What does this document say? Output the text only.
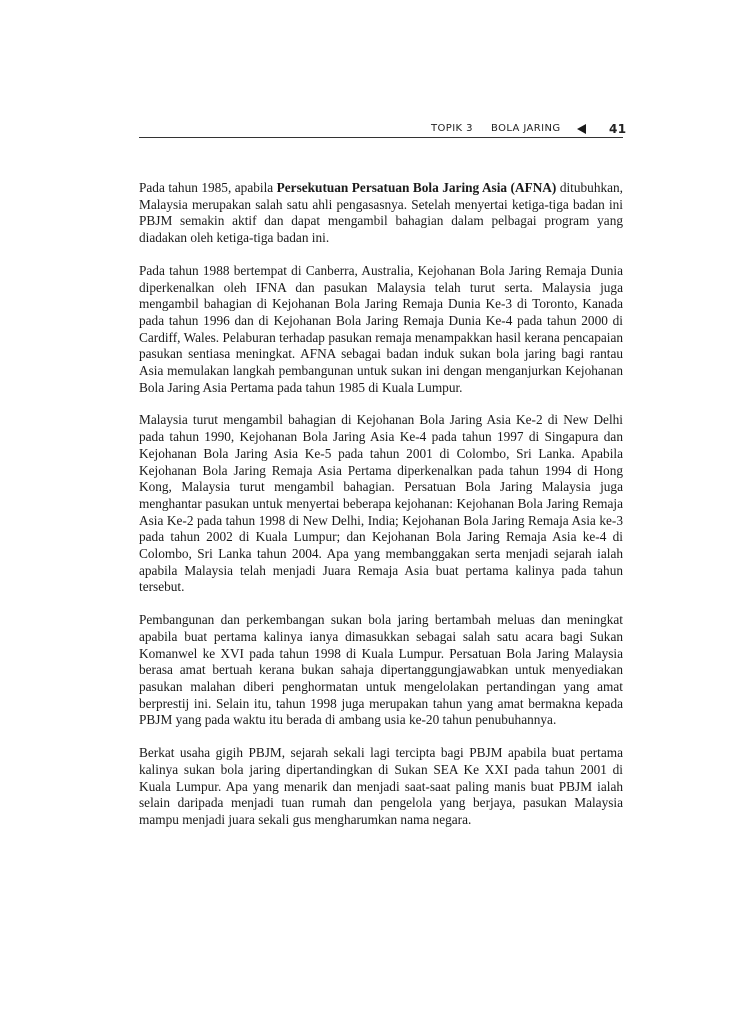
TOPIK 3 BOLA JARING	41

Pada tahun 1985, apabila Persekutuan Persatuan Bola Jaring Asia (AFNA) ditubuhkan, Malaysia merupakan salah satu ahli pengasasnya. Setelah menyertai ketiga-tiga badan ini PBJM semakin aktif dan dapat mengambil bahagian dalam pelbagai program yang diadakan oleh ketiga-tiga badan ini.

Pada tahun 1988 bertempat di Canberra, Australia, Kejohanan Bola Jaring Remaja Dunia diperkenalkan oleh IFNA dan pasukan Malaysia telah turut serta. Malaysia juga mengambil bahagian di Kejohanan Bola Jaring Remaja Dunia Ke-3 di Toronto, Kanada pada tahun 1996 dan di Kejohanan Bola Jaring Remaja Dunia Ke-4 pada tahun 2000 di Cardiff, Wales. Pelaburan terhadap pasukan remaja menampakkan hasil kerana pencapaian pasukan sentiasa meningkat. AFNA sebagai badan induk sukan bola jaring bagi rantau Asia memulakan langkah pembangunan untuk sukan ini dengan menganjurkan Kejohanan Bola Jaring Asia Pertama pada tahun 1985 di Kuala Lumpur.

Malaysia turut mengambil bahagian di Kejohanan Bola Jaring Asia Ke-2 di New Delhi pada tahun 1990, Kejohanan Bola Jaring Asia Ke-4 pada tahun 1997 di Singapura dan Kejohanan Bola Jaring Asia Ke-5 pada tahun 2001 di Colombo, Sri Lanka. Apabila Kejohanan Bola Jaring Remaja Asia Pertama diperkenalkan pada tahun 1994 di Hong Kong, Malaysia turut mengambil bahagian. Persatuan Bola Jaring Malaysia juga menghantar pasukan untuk menyertai beberapa kejohanan: Kejohanan Bola Jaring Remaja Asia Ke-2 pada tahun 1998 di New Delhi, India; Kejohanan Bola Jaring Remaja Asia ke-3 pada tahun 2002 di Kuala Lumpur; dan Kejohanan Bola Jaring Remaja Asia ke-4 di Colombo, Sri Lanka tahun 2004. Apa yang membanggakan serta menjadi sejarah ialah apabila Malaysia telah menjadi Juara Remaja Asia buat pertama kalinya pada tahun tersebut.

Pembangunan dan perkembangan sukan bola jaring bertambah meluas dan meningkat apabila buat pertama kalinya ianya dimasukkan sebagai salah satu acara bagi Sukan Komanwel ke XVI pada tahun 1998 di Kuala Lumpur. Persatuan Bola Jaring Malaysia berasa amat bertuah kerana bukan sahaja dipertanggungjawabkan untuk menyediakan pasukan malahan diberi penghormatan untuk mengelolakan pertandingan yang amat berprestij ini. Selain itu, tahun 1998 juga merupakan tahun yang amat bermakna kepada PBJM yang pada waktu itu berada di ambang usia ke-20 tahun penubuhannya.

Berkat usaha gigih PBJM, sejarah sekali lagi tercipta bagi PBJM apabila buat pertama kalinya sukan bola jaring dipertandingkan di Sukan SEA Ke XXI pada tahun 2001 di Kuala Lumpur. Apa yang menarik dan menjadi saat-saat paling manis buat PBJM ialah selain daripada menjadi tuan rumah dan pengelola yang berjaya, pasukan Malaysia mampu menjadi juara sekali gus mengharumkan nama negara.
